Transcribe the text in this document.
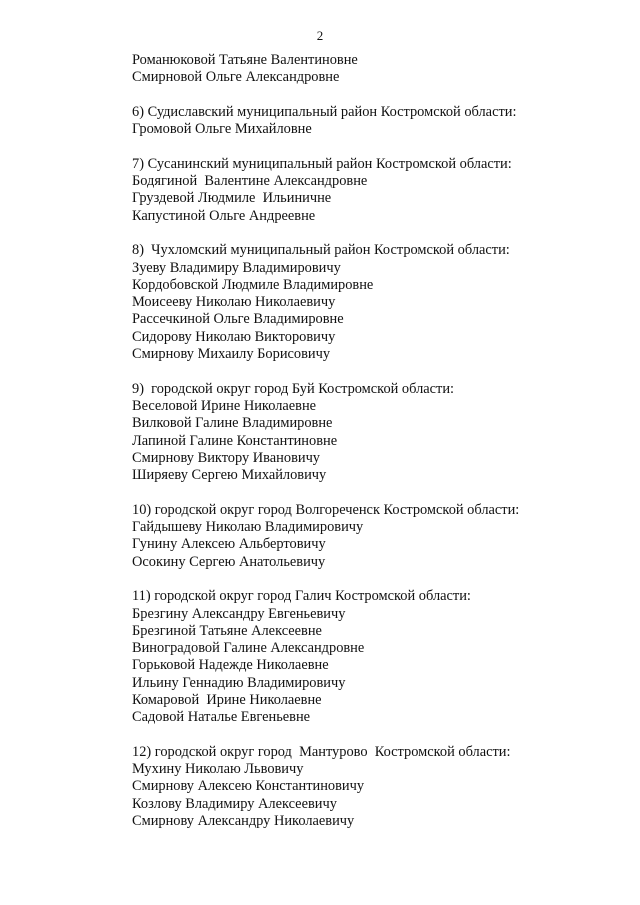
2
Романюковой Татьяне Валентиновне
Смирновой Ольге Александровне
6) Судиславский муниципальный район Костромской области:
Громовой Ольге Михайловне
7) Сусанинский муниципальный район Костромской области:
Бодягиной  Валентине Александровне
Груздевой Людмиле  Ильиничне
Капустиной Ольге Андреевне
8)  Чухломский муниципальный район Костромской области:
Зуеву Владимиру Владимировичу
Кордобовской Людмиле Владимировне
Моисееву Николаю Николаевичу
Рассечкиной Ольге Владимировне
Сидорову Николаю Викторовичу
Смирнову Михаилу Борисовичу
9)  городской округ город Буй Костромской области:
Веселовой Ирине Николаевне
Вилковой Галине Владимировне
Лапиной Галине Константиновне
Смирнову Виктору Ивановичу
Ширяеву Сергею Михайловичу
10) городской округ город Волгореченск Костромской области:
Гайдышеву Николаю Владимировичу
Гунину Алексею Альбертовичу
Осокину Сергею Анатольевичу
11) городской округ город Галич Костромской области:
Брезгину Александру Евгеньевичу
Брезгиной Татьяне Алексеевне
Виноградовой Галине Александровне
Горьковой Надежде Николаевне
Ильину Геннадию Владимировичу
Комаровой  Ирине Николаевне
Садовой Наталье Евгеньевне
12) городской округ город  Мантурово  Костромской области:
Мухину Николаю Львовичу
Смирнову Алексею Константиновичу
Козлову Владимиру Алексеевичу
Смирнову Александру Николаевичу
